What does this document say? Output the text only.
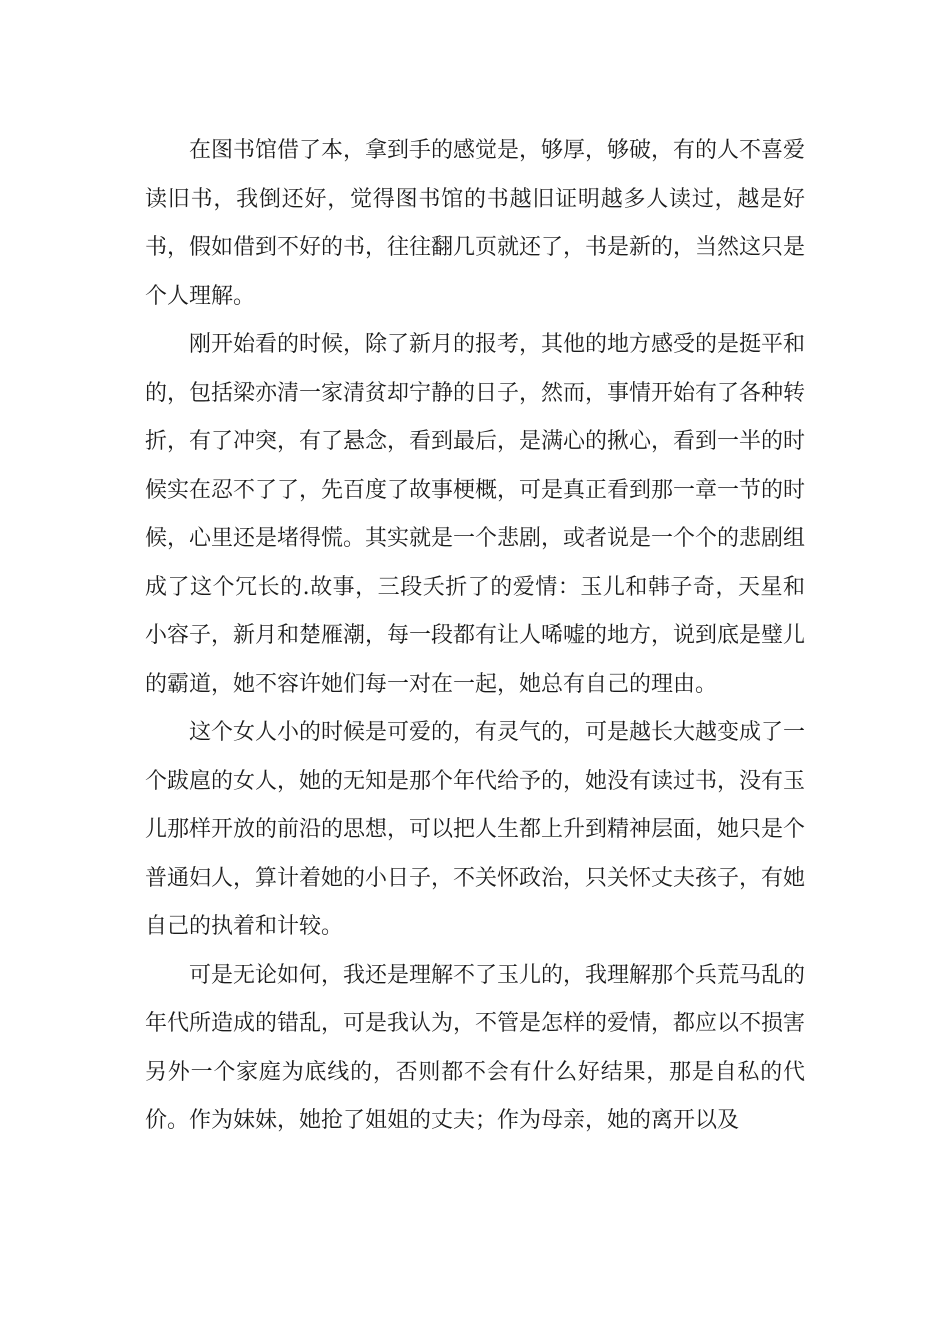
在图书馆借了本，拿到手的感觉是，够厚，够破，有的人不喜爱读旧书，我倒还好，觉得图书馆的书越旧证明越多人读过，越是好书，假如借到不好的书，往往翻几页就还了，书是新的，当然这只是个人理解。

刚开始看的时候，除了新月的报考，其他的地方感受的是挺平和的，包括梁亦清一家清贫却宁静的日子，然而，事情开始有了各种转折，有了冲突，有了悬念，看到最后，是满心的揪心，看到一半的时候实在忍不了了，先百度了故事梗概，可是真正看到那一章一节的时候，心里还是堵得慌。其实就是一个悲剧，或者说是一个个的悲剧组成了这个冗长的.故事，三段夭折了的爱情：玉儿和韩子奇，天星和小容子，新月和楚雁潮，每一段都有让人唏嘘的地方，说到底是璧儿的霸道，她不容许她们每一对在一起，她总有自己的理由。

这个女人小的时候是可爱的，有灵气的，可是越长大越变成了一个跋扈的女人，她的无知是那个年代给予的，她没有读过书，没有玉儿那样开放的前沿的思想，可以把人生都上升到精神层面，她只是个普通妇人，算计着她的小日子，不关怀政治，只关怀丈夫孩子，有她自己的执着和计较。

可是无论如何，我还是理解不了玉儿的，我理解那个兵荒马乱的年代所造成的错乱，可是我认为，不管是怎样的爱情，都应以不损害另外一个家庭为底线的，否则都不会有什么好结果，那是自私的代价。作为妹妹，她抢了姐姐的丈夫；作为母亲，她的离开以及
